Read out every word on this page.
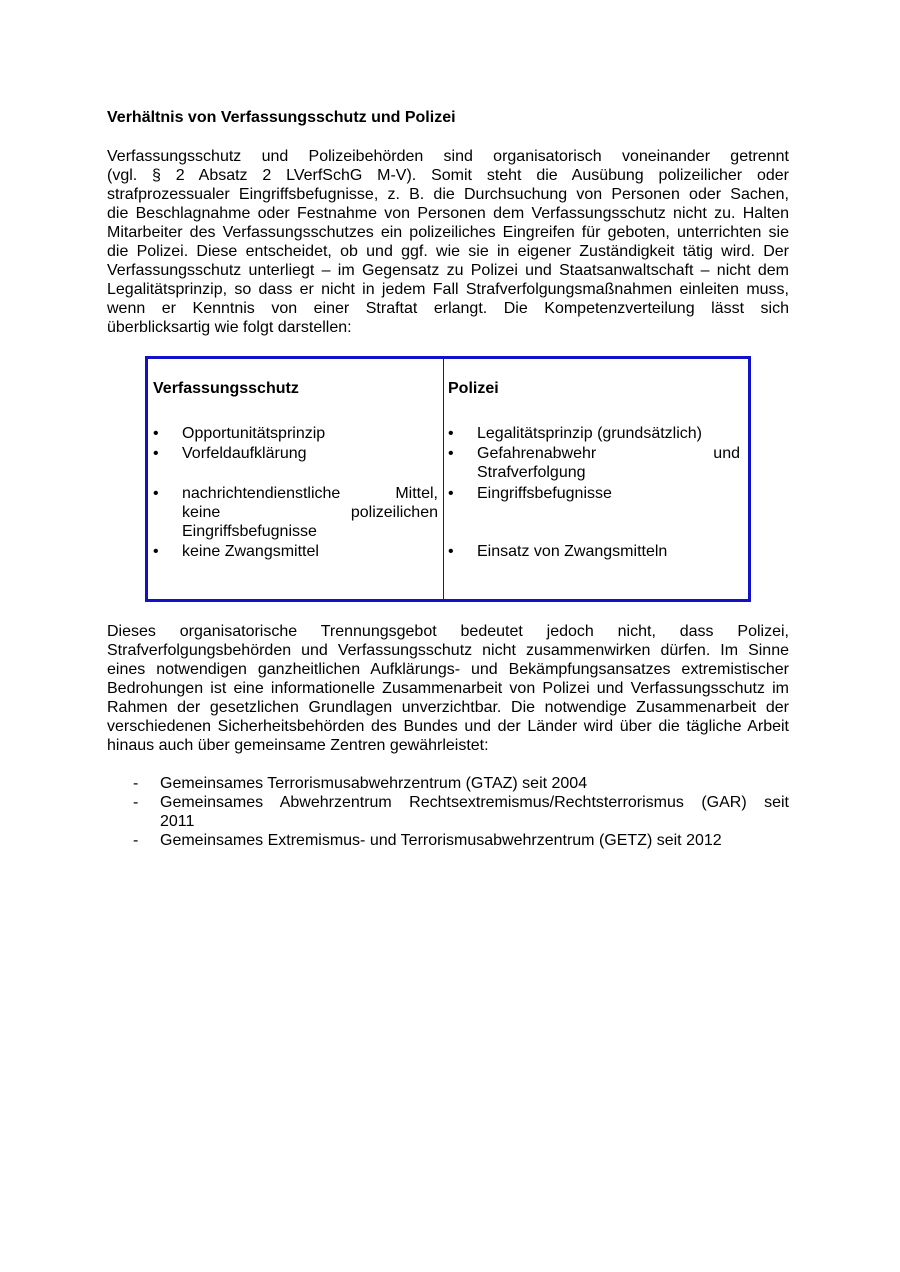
Verhältnis von Verfassungsschutz und Polizei
Verfassungsschutz und Polizeibehörden sind organisatorisch voneinander getrennt
(vgl. § 2 Absatz 2 LVerfSchG M-V). Somit steht die Ausübung polizeilicher oder
strafprozessualer Eingriffsbefugnisse, z. B. die Durchsuchung von Personen oder Sachen,
die Beschlagnahme oder Festnahme von Personen dem Verfassungsschutz nicht zu. Halten
Mitarbeiter des Verfassungsschutzes ein polizeiliches Eingreifen für geboten, unterrichten sie
die Polizei. Diese entscheidet, ob und ggf. wie sie in eigener Zuständigkeit tätig wird. Der
Verfassungsschutz unterliegt – im Gegensatz zu Polizei und Staatsanwaltschaft – nicht dem
Legalitätsprinzip, so dass er nicht in jedem Fall Strafverfolgungsmaßnahmen einleiten muss,
wenn er Kenntnis von einer Straftat erlangt. Die Kompetenzverteilung lässt sich
überblicksartig wie folgt darstellen:
Verfassungsschutz
• Opportunitätsprinzip
• Vorfeldaufklärung
• nachrichtendienstliche Mittel,
keine polizeilichen
Eingriffsbefugnisse
• keine Zwangsmittel
Polizei
• Legalitätsprinzip (grundsätzlich)
• Gefahrenabwehr und
Strafverfolgung
• Eingriffsbefugnisse
• Einsatz von Zwangsmitteln
Dieses organisatorische Trennungsgebot bedeutet jedoch nicht, dass Polizei,
Strafverfolgungsbehörden und Verfassungsschutz nicht zusammenwirken dürfen. Im Sinne
eines notwendigen ganzheitlichen Aufklärungs- und Bekämpfungsansatzes extremistischer
Bedrohungen ist eine informationelle Zusammenarbeit von Polizei und Verfassungsschutz im
Rahmen der gesetzlichen Grundlagen unverzichtbar. Die notwendige Zusammenarbeit der
verschiedenen Sicherheitsbehörden des Bundes und der Länder wird über die tägliche Arbeit
hinaus auch über gemeinsame Zentren gewährleistet:
- Gemeinsames Terrorismusabwehrzentrum (GTAZ) seit 2004
- Gemeinsames Abwehrzentrum Rechtsextremismus/Rechtsterrorismus (GAR) seit
2011
- Gemeinsames Extremismus- und Terrorismusabwehrzentrum (GETZ) seit 2012
